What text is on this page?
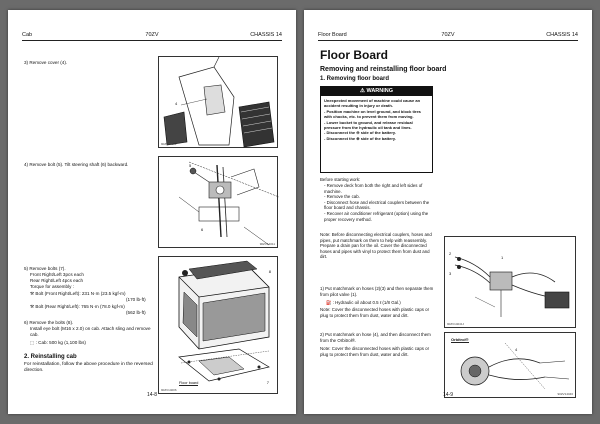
Cab	70ZV	CHASSIS 14
3) Remove cover (4).
4
90ZV14001
4) Remove bolt (5). Tilt steering shaft (6) backward.	5
6
90ZV14011
5) Remove bolts (7).
Front Right/Left 3pcs each
Rear Right/Left 4pcs each
Torque for assembly :
⚒ Bolt (Front Right/Left): 231 N·m (23.5 kgf-m)
(170 lb-ft)
⚒ Bolt (Rear Right/Left): 765 N·m (78.0 kgf-m)
(562 lb-ft)
6) Remove the bolts (8).
Install eye bolt (M16 x 2.0) on cab. Attach sling and remove cab.
⬚ : Cab: 500 kg (1,100 lbs)
2. Reinstalling cab
For reinstallation, follow the above procedure in the reversed direction.
8
7
Floor board
90ZV14006
14-8
Floor Board	70ZV	CHASSIS 14
Floor Board
Removing and reinstalling floor board
1. Removing floor board
⚠ WARNING
Unexpected movement of machine could cause an accident resulting in injury or death.
- Position machine on level ground, and block tires with chocks, etc. to prevent them from moving.
- Lower bucket to ground, and release residual pressure from the hydraulic oil tank and lines.
- Disconnect the ⊖ side of the battery.
- Disconnect the ⊕ side of the battery.
Before starting work:
- Remove deck from both the right and left sides of machine.
- Remove the cab.
- Disconnect hose and electrical couplers between the floor board and chassis.
- Recover air conditioner refrigerant (option) using the proper recovery method.
Note: Before disconnecting electrical couplers, hoses and pipes, put matchmark on them to help with reassembly. Prepare a drain pan for the oil. Cover the disconnected hoses and pipes with vinyl to protect them from dust and dirt.
1) Put matchmark on hoses (2)(3) and then separate them from pilot valve (1).
⛽ : Hydraulic oil about 0.5 ℓ (1/8 Gal.)
Note: Cover the disconnected hoses with plastic caps or plug to protect them from dust, water and dirt.
2) Put matchmark on hose (4), and then disconnect them from the Orbitrol®.
Note: Cover the disconnected hoses with plastic caps or plug to protect them from dust, water and dirt.
1
2
3
90ZV14041J
Orbitrol®
4
90ZV14046
14-9
